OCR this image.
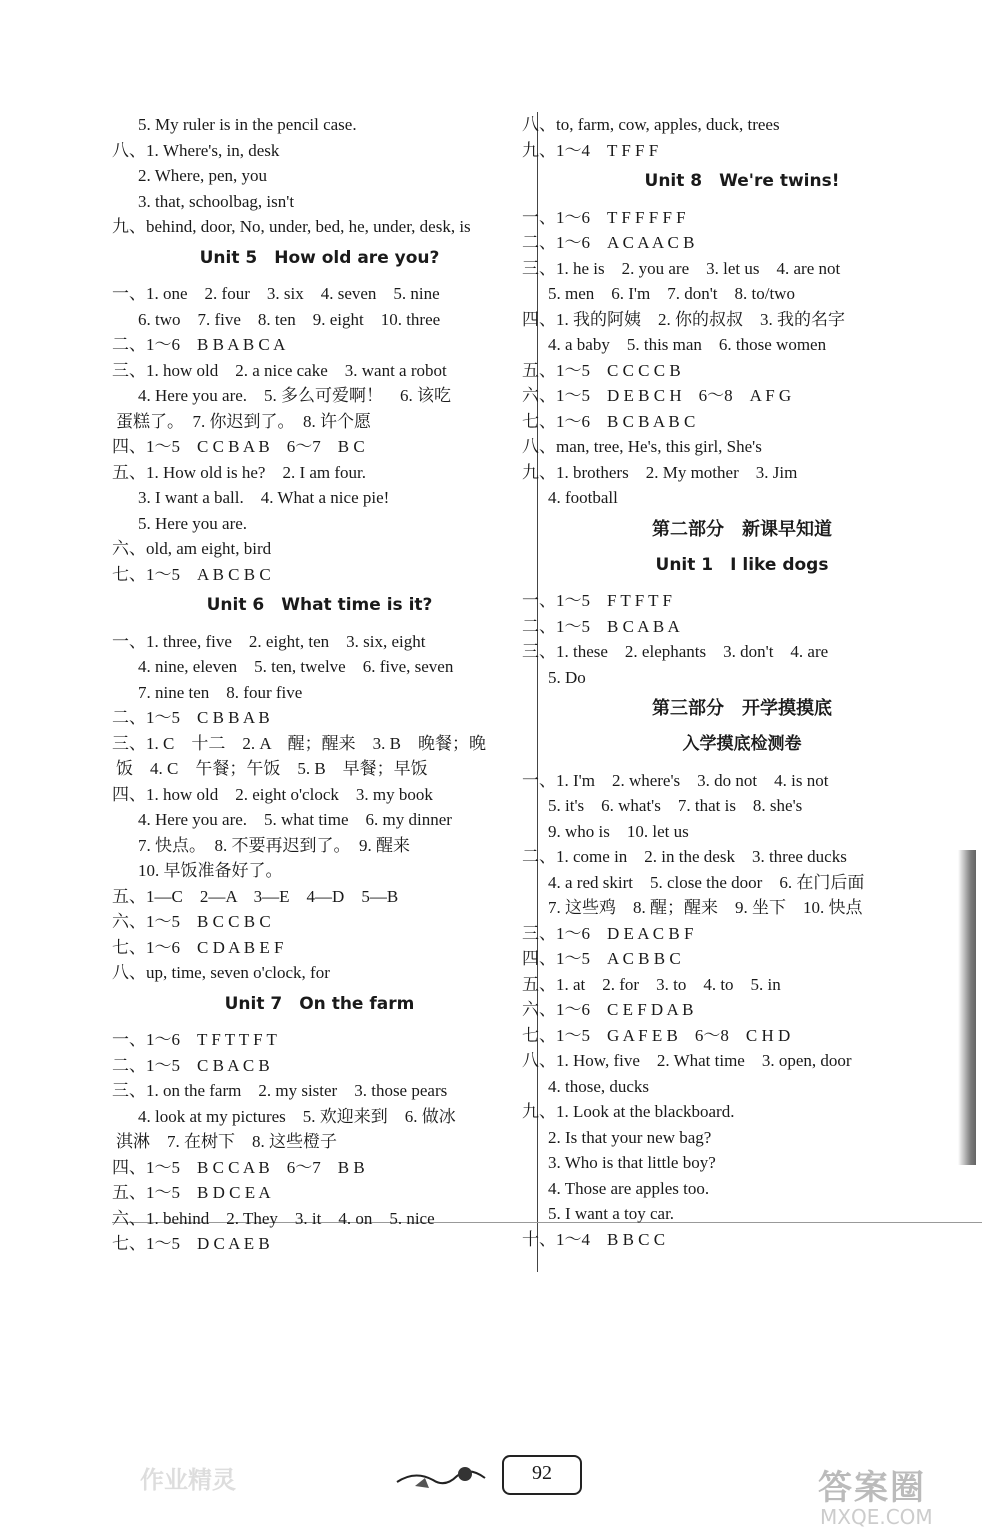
5. My ruler is in the pencil case.
八、1. Where's, in, desk
2. Where, pen, you
3. that, schoolbag, isn't
九、behind, door, No, under, bed, he, under, desk, is
Unit 5　How old are you?
一、1. one　2. four　3. six　4. seven　5. nine
6. two　7. five　8. ten　9. eight　10. three
二、1～6　B B A B C A
三、1. how old　2. a nice cake　3. want a robot
4. Here you are.　5. 多么可爱啊！　6. 该吃
蛋糕了。　7. 你迟到了。　8. 许个愿
四、1～5　C C B A B　6～7　B C
五、1. How old is he?　2. I am four.
3. I want a ball.　4. What a nice pie!
5. Here you are.
六、old, am eight, bird
七、1～5　A B C B C
Unit 6　What time is it?
一、1. three, five　2. eight, ten　3. six, eight
4. nine, eleven　5. ten, twelve　6. five, seven
7. nine ten　8. four five
二、1～5　C B B A B
三、1. C　十二　2. A　醒；醒来　3. B　晚餐；晚
饭　4. C　午餐；午饭　5. B　早餐；早饭
四、1. how old　2. eight o'clock　3. my book
4. Here you are.　5. what time　6. my dinner
7. 快点。　8. 不要再迟到了。　9. 醒来
10. 早饭准备好了。
五、1—C　2—A　3—E　4—D　5—B
六、1～5　B C C B C
七、1～6　C D A B E F
八、up, time, seven o'clock, for
Unit 7　On the farm
一、1～6　T F T T F T
二、1～5　C B A C B
三、1. on the farm　2. my sister　3. those pears
4. look at my pictures　5. 欢迎来到　6. 做冰
淇淋　7. 在树下　8. 这些橙子
四、1～5　B C C A B　6～7　B B
五、1～5　B D C E A
六、1. behind　2. They　3. it　4. on　5. nice
七、1～5　D C A E B
八、to, farm, cow, apples, duck, trees
九、1～4　T F F F
Unit 8　We're twins!
一、1～6　T F F F F F
二、1～6　A C A A C B
三、1. he is　2. you are　3. let us　4. are not
5. men　6. I'm　7. don't　8. to/two
四、1. 我的阿姨　2. 你的叔叔　3. 我的名字
4. a baby　5. this man　6. those women
五、1～5　C C C C B
六、1～5　D E B C H　6～8　A F G
七、1～6　B C B A B C
八、man, tree, He's, this girl, She's
九、1. brothers　2. My mother　3. Jim
4. football
第二部分　新课早知道
Unit 1　I like dogs
一、1～5　F T F T F
二、1～5　B C A B A
三、1. these　2. elephants　3. don't　4. are
5. Do
第三部分　开学摸摸底
入学摸底检测卷
一、1. I'm　2. where's　3. do not　4. is not
5. it's　6. what's　7. that is　8. she's
9. who is　10. let us
二、1. come in　2. in the desk　3. three ducks
4. a red skirt　5. close the door　6. 在门后面
7. 这些鸡　8. 醒；醒来　9. 坐下　10. 快点
三、1～6　D E A C B F
四、1～5　A C B B C
五、1. at　2. for　3. to　4. to　5. in
六、1～6　C E F D A B
七、1～5　G A F E B　6～8　C H D
八、1. How, five　2. What time　3. open, door
4. those, ducks
九、1. Look at the blackboard.
2. Is that your new bag?
3. Who is that little boy?
4. Those are apples too.
5. I want a toy car.
十、1～4　B B C C
作业精灵	92	答案圈
MXQE.COM
